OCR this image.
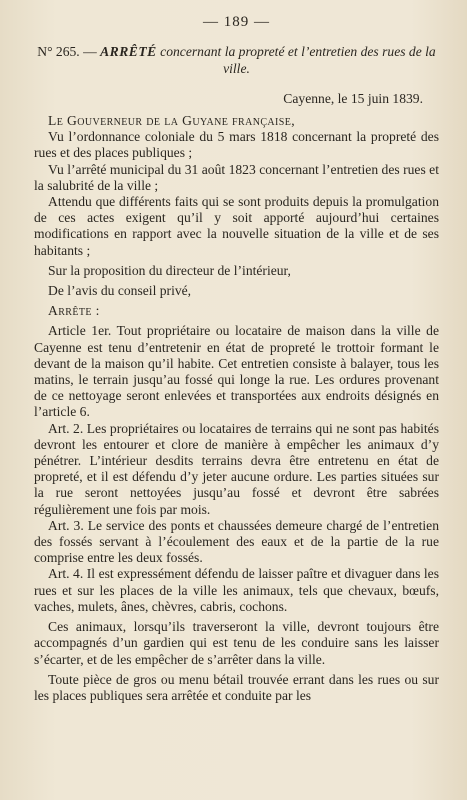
— 189 —
N° 265. — ARRÊTÉ concernant la propreté et l’entretien des rues de la ville.
Cayenne, le 15 juin 1839.

Le Gouverneur de la Guyane française,

Vu l’ordonnance coloniale du 5 mars 1818 concernant la propreté des rues et des places publiques ;

Vu l’arrêté municipal du 31 août 1823 concernant l’entretien des rues et la salubrité de la ville ;

Attendu que différents faits qui se sont produits depuis la promulgation de ces actes exigent qu’il y soit apporté aujourd’hui certaines modifications en rapport avec la nouvelle situation de la ville et de ses habitants ;

Sur la proposition du directeur de l’intérieur,

De l’avis du conseil privé,

Arrête :

Article 1er. Tout propriétaire ou locataire de maison dans la ville de Cayenne est tenu d’entretenir en état de propreté le trottoir formant le devant de la maison qu’il habite. Cet entretien consiste à balayer, tous les matins, le terrain jusqu’au fossé qui longe la rue. Les ordures provenant de ce nettoyage seront enlevées et transportées aux endroits désignés en l’article 6.

Art. 2. Les propriétaires ou locataires de terrains qui ne sont pas habités devront les entourer et clore de manière à empêcher les animaux d’y pénétrer. L’intérieur desdits terrains devra être entretenu en état de propreté, et il est défendu d’y jeter aucune ordure. Les parties situées sur la rue seront nettoyées jusqu’au fossé et devront être sabrées régulièrement une fois par mois.

Art. 3. Le service des ponts et chaussées demeure chargé de l’entretien des fossés servant à l’écoulement des eaux et de la partie de la rue comprise entre les deux fossés.

Art. 4. Il est expressément défendu de laisser paître et divaguer dans les rues et sur les places de la ville les animaux, tels que chevaux, bœufs, vaches, mulets, ânes, chèvres, cabris, cochons.

Ces animaux, lorsqu’ils traverseront la ville, devront toujours être accompagnés d’un gardien qui est tenu de les conduire sans les laisser s’écarter, et de les empêcher de s’arrêter dans la ville.

Toute pièce de gros ou menu bétail trouvée errant dans les rues ou sur les places publiques sera arrêtée et conduite par les
